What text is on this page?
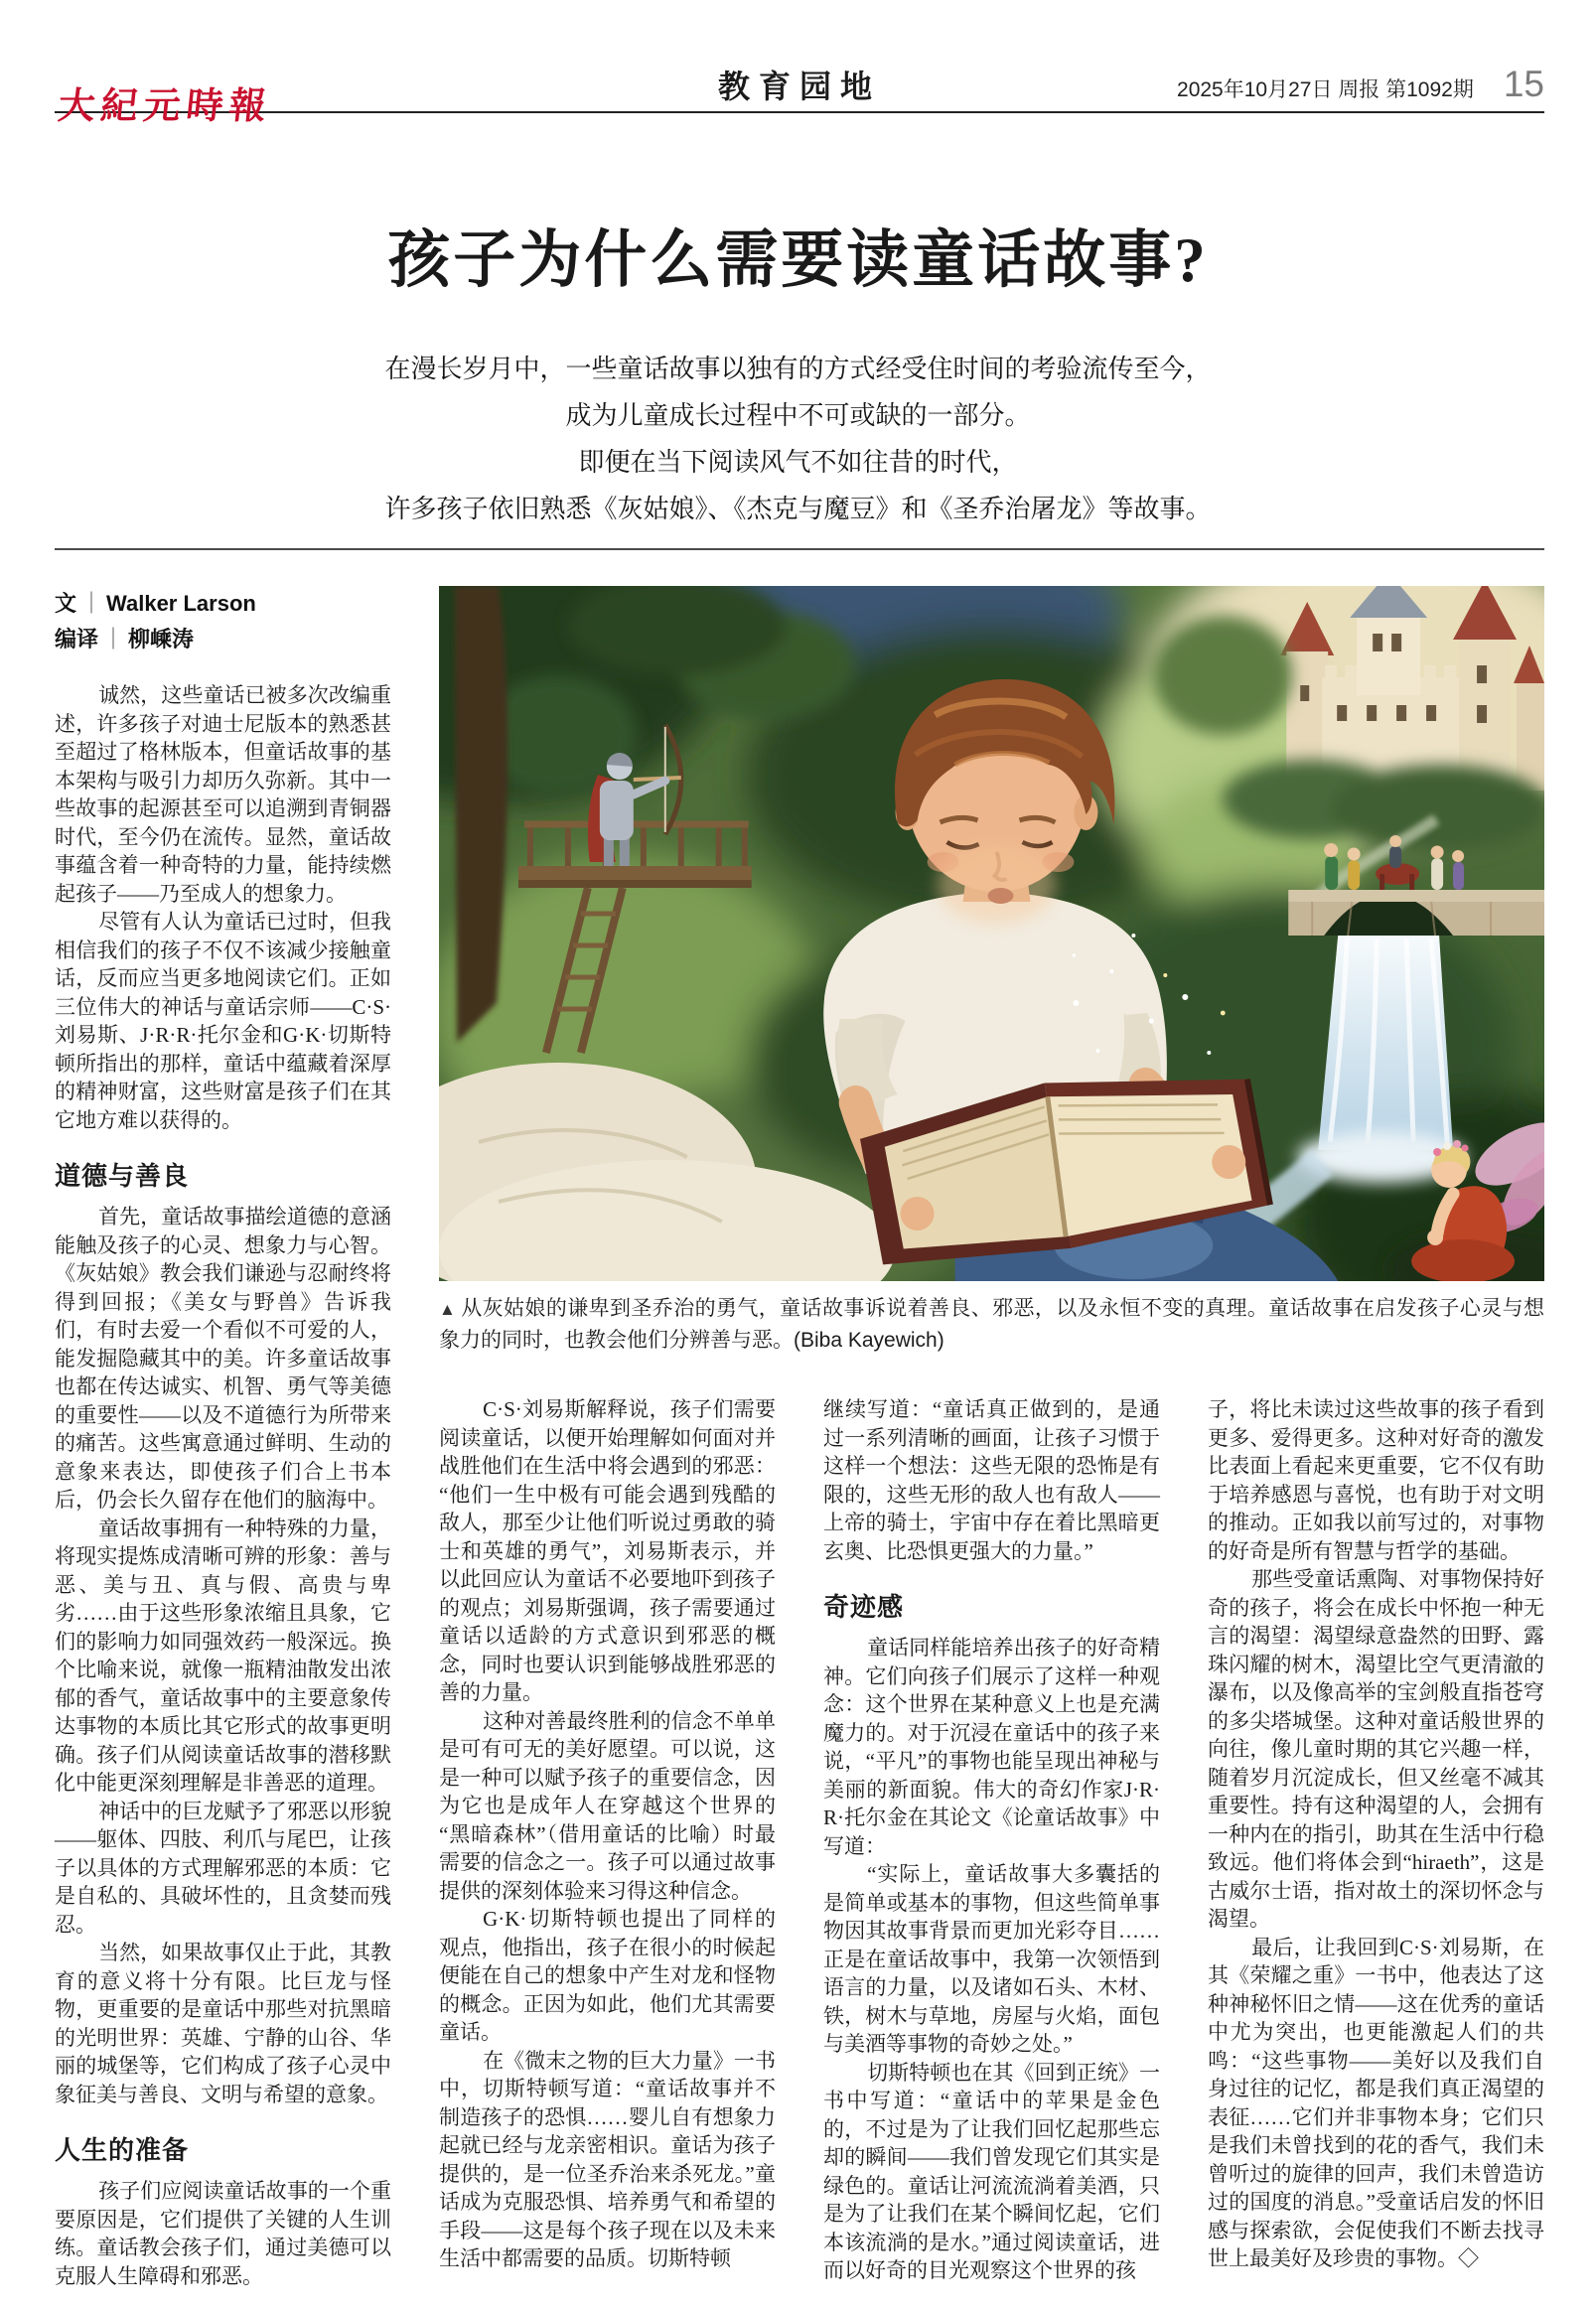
大紀元時報	教育园地	2025年10月27日 周报 第1092期 15
孩子为什么需要读童话故事?
在漫长岁月中，一些童话故事以独有的方式经受住时间的考验流传至今，
成为儿童成长过程中不可或缺的一部分。
即便在当下阅读风气不如往昔的时代，
许多孩子依旧熟悉《灰姑娘》、《杰克与魔豆》和《圣乔治屠龙》等故事。
文 ｜ Walker Larson
编译 ｜ 柳嵊涛

诚然，这些童话已被多次改编重述，许多孩子对迪士尼版本的熟悉甚至超过了格林版本，但童话故事的基本架构与吸引力却历久弥新。其中一些故事的起源甚至可以追溯到青铜器时代，至今仍在流传。显然，童话故事蕴含着一种奇特的力量，能持续燃起孩子——乃至成人的想象力。

尽管有人认为童话已过时，但我相信我们的孩子不仅不该减少接触童话，反而应当更多地阅读它们。正如三位伟大的神话与童话宗师——C·S·刘易斯、J·R·R·托尔金和G·K·切斯特顿所指出的那样，童话中蕴藏着深厚的精神财富，这些财富是孩子们在其它地方难以获得的。

道德与善良

首先，童话故事描绘道德的意涵能触及孩子的心灵、想象力与心智。《灰姑娘》教会我们谦逊与忍耐终将得到回报；《美女与野兽》告诉我们，有时去爱一个看似不可爱的人，能发掘隐藏其中的美。许多童话故事也都在传达诚实、机智、勇气等美德的重要性——以及不道德行为所带来的痛苦。这些寓意通过鲜明、生动的意象来表达，即使孩子们合上书本后，仍会长久留存在他们的脑海中。

童话故事拥有一种特殊的力量，将现实提炼成清晰可辨的形象：善与恶、美与丑、真与假、高贵与卑劣……由于这些形象浓缩且具象，它们的影响力如同强效药一般深远。换个比喻来说，就像一瓶精油散发出浓郁的香气，童话故事中的主要意象传达事物的本质比其它形式的故事更明确。孩子们从阅读童话故事的潜移默化中能更深刻理解是非善恶的道理。

神话中的巨龙赋予了邪恶以形貌——躯体、四肢、利爪与尾巴，让孩子以具体的方式理解邪恶的本质：它是自私的、具破坏性的，且贪婪而残忍。

当然，如果故事仅止于此，其教育的意义将十分有限。比巨龙与怪物，更重要的是童话中那些对抗黑暗的光明世界：英雄、宁静的山谷、华丽的城堡等，它们构成了孩子心灵中象征美与善良、文明与希望的意象。

人生的准备

孩子们应阅读童话故事的一个重要原因是，它们提供了关键的人生训练。童话教会孩子们，通过美德可以克服人生障碍和邪恶。

▲ 从灰姑娘的谦卑到圣乔治的勇气，童话故事诉说着善良、邪恶，以及永恒不变的真理。童话故事在启发孩子心灵与想象力的同时，也教会他们分辨善与恶。(Biba Kayewich)

C·S·刘易斯解释说，孩子们需要阅读童话，以便开始理解如何面对并战胜他们在生活中将会遇到的邪恶：“他们一生中极有可能会遇到残酷的敌人，那至少让他们听说过勇敢的骑士和英雄的勇气”，刘易斯表示，并以此回应认为童话不必要地吓到孩子的观点；刘易斯强调，孩子需要通过童话以适龄的方式意识到邪恶的概念，同时也要认识到能够战胜邪恶的善的力量。

这种对善最终胜利的信念不单单是可有可无的美好愿望。可以说，这是一种可以赋予孩子的重要信念，因为它也是成年人在穿越这个世界的“黑暗森林”（借用童话的比喻）时最需要的信念之一。孩子可以通过故事提供的深刻体验来习得这种信念。

G·K·切斯特顿也提出了同样的观点，他指出，孩子在很小的时候起便能在自己的想象中产生对龙和怪物的概念。正因为如此，他们尤其需要童话。

在《微末之物的巨大力量》一书中，切斯特顿写道：“童话故事并不制造孩子的恐惧……婴儿自有想象力起就已经与龙亲密相识。童话为孩子提供的，是一位圣乔治来杀死龙。”童话成为克服恐惧、培养勇气和希望的手段——这是每个孩子现在以及未来生活中都需要的品质。切斯特顿

继续写道：“童话真正做到的，是通过一系列清晰的画面，让孩子习惯于这样一个想法：这些无限的恐怖是有限的，这些无形的敌人也有敌人——上帝的骑士，宇宙中存在着比黑暗更玄奥、比恐惧更强大的力量。”

奇迹感

童话同样能培养出孩子的好奇精神。它们向孩子们展示了这样一种观念：这个世界在某种意义上也是充满魔力的。对于沉浸在童话中的孩子来说，“平凡”的事物也能呈现出神秘与美丽的新面貌。伟大的奇幻作家J·R·R·托尔金在其论文《论童话故事》中写道：

“实际上，童话故事大多囊括的是简单或基本的事物，但这些简单事物因其故事背景而更加光彩夺目……正是在童话故事中，我第一次领悟到语言的力量，以及诸如石头、木材、铁，树木与草地，房屋与火焰，面包与美酒等事物的奇妙之处。”

切斯特顿也在其《回到正统》一书中写道：“童话中的苹果是金色的，不过是为了让我们回忆起那些忘却的瞬间——我们曾发现它们其实是绿色的。童话让河流流淌着美酒，只是为了让我们在某个瞬间忆起，它们本该流淌的是水。”通过阅读童话，进而以好奇的目光观察这个世界的孩

子，将比未读过这些故事的孩子看到更多、爱得更多。这种对好奇的激发比表面上看起来更重要，它不仅有助于培养感恩与喜悦，也有助于对文明的推动。正如我以前写过的，对事物的好奇是所有智慧与哲学的基础。

那些受童话熏陶、对事物保持好奇的孩子，将会在成长中怀抱一种无言的渴望：渴望绿意盎然的田野、露珠闪耀的树木，渴望比空气更清澈的瀑布，以及像高举的宝剑般直指苍穹的多尖塔城堡。这种对童话般世界的向往，像儿童时期的其它兴趣一样，随着岁月沉淀成长，但又丝毫不减其重要性。持有这种渴望的人，会拥有一种内在的指引，助其在生活中行稳致远。他们将体会到“hiraeth”，这是古威尔士语，指对故土的深切怀念与渴望。

最后，让我回到C·S·刘易斯，在其《荣耀之重》一书中，他表达了这种神秘怀旧之情——这在优秀的童话中尤为突出，也更能激起人们的共鸣：“这些事物——美好以及我们自身过往的记忆，都是我们真正渴望的表征……它们并非事物本身；它们只是我们未曾找到的花的香气，我们未曾听过的旋律的回声，我们未曾造访过的国度的消息。”受童话启发的怀旧感与探索欲，会促使我们不断去找寻世上最美好及珍贵的事物。◇
